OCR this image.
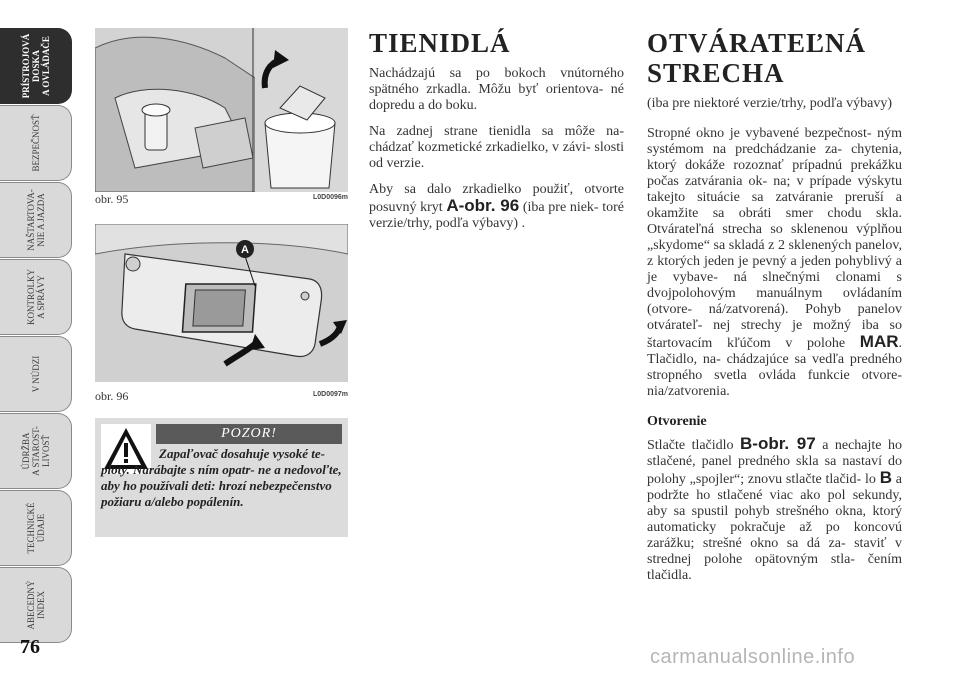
PRÍSTROJOVÁ
DOSKA
A OVLÁDAČE
BEZPEČNOSŤ
NAŠTARTOVA-
NIE A JAZDA
KONTROLKY
A SPRÁVY
V NÚDZI
ÚDRŽBA
A STAROST-
LIVOSŤ
TECHNICKÉ
ÚDAJE
ABECEDNÝ
INDEX
76
obr. 95	L0D0096m
A
obr. 96	L0D0097m
POZOR!
Zapaľovač dosahuje vysoké te- ploty. Narábajte s ním opatr- ne a nedovoľte, aby ho používali deti: hrozí nebezpečenstvo požiaru a/alebo popálenín.
TIENIDLÁ

Nachádzajú sa po bokoch vnútorného spätného zrkadla. Môžu byť orientova- né dopredu a do boku.

Na zadnej strane tienidla sa môže na- chádzať kozmetické zrkadielko, v závi- slosti od verzie.

Aby sa dalo zrkadielko použiť, otvorte posuvný kryt A-obr. 96 (iba pre niek- toré verzie/trhy, podľa výbavy) .

OTVÁRATEĽNÁ
STRECHA
(iba pre niektoré verzie/trhy, podľa výbavy)

Stropné okno je vybavené bezpečnost- ným systémom na predchádzanie za- chytenia, ktorý dokáže rozoznať prípadnú prekážku počas zatvárania ok- na; v prípade výskytu takejto situácie sa zatváranie preruší a okamžite sa obráti smer chodu skla. Otvárateľná strecha so sklenenou výplňou „skydome“ sa skladá z 2 sklenených panelov, z ktorých jeden je pevný a jeden pohyblivý a je vybave- ná slnečnými clonami s dvojpolohovým manuálnym ovládaním (otvore- ná/zatvorená). Pohyb panelov otvárateľ- nej strechy je možný iba so štartovacím kľúčom v polohe MAR. Tlačidlo, na- chádzajúce sa vedľa predného stropného svetla ovláda funkcie otvore- nia/zatvorenia.

Otvorenie

Stlačte tlačidlo B-obr. 97 a nechajte ho stlačené, panel predného skla sa nastaví do polohy „spojler“; znovu stlačte tlačid- lo B a podržte ho stlačené viac ako pol sekundy, aby sa spustil pohyb strešného okna, ktorý automaticky pokračuje až po koncovú zarážku; strešné okno sa dá za- staviť v strednej polohe opätovným stla- čením tlačidla.

carmanualsonline.info
